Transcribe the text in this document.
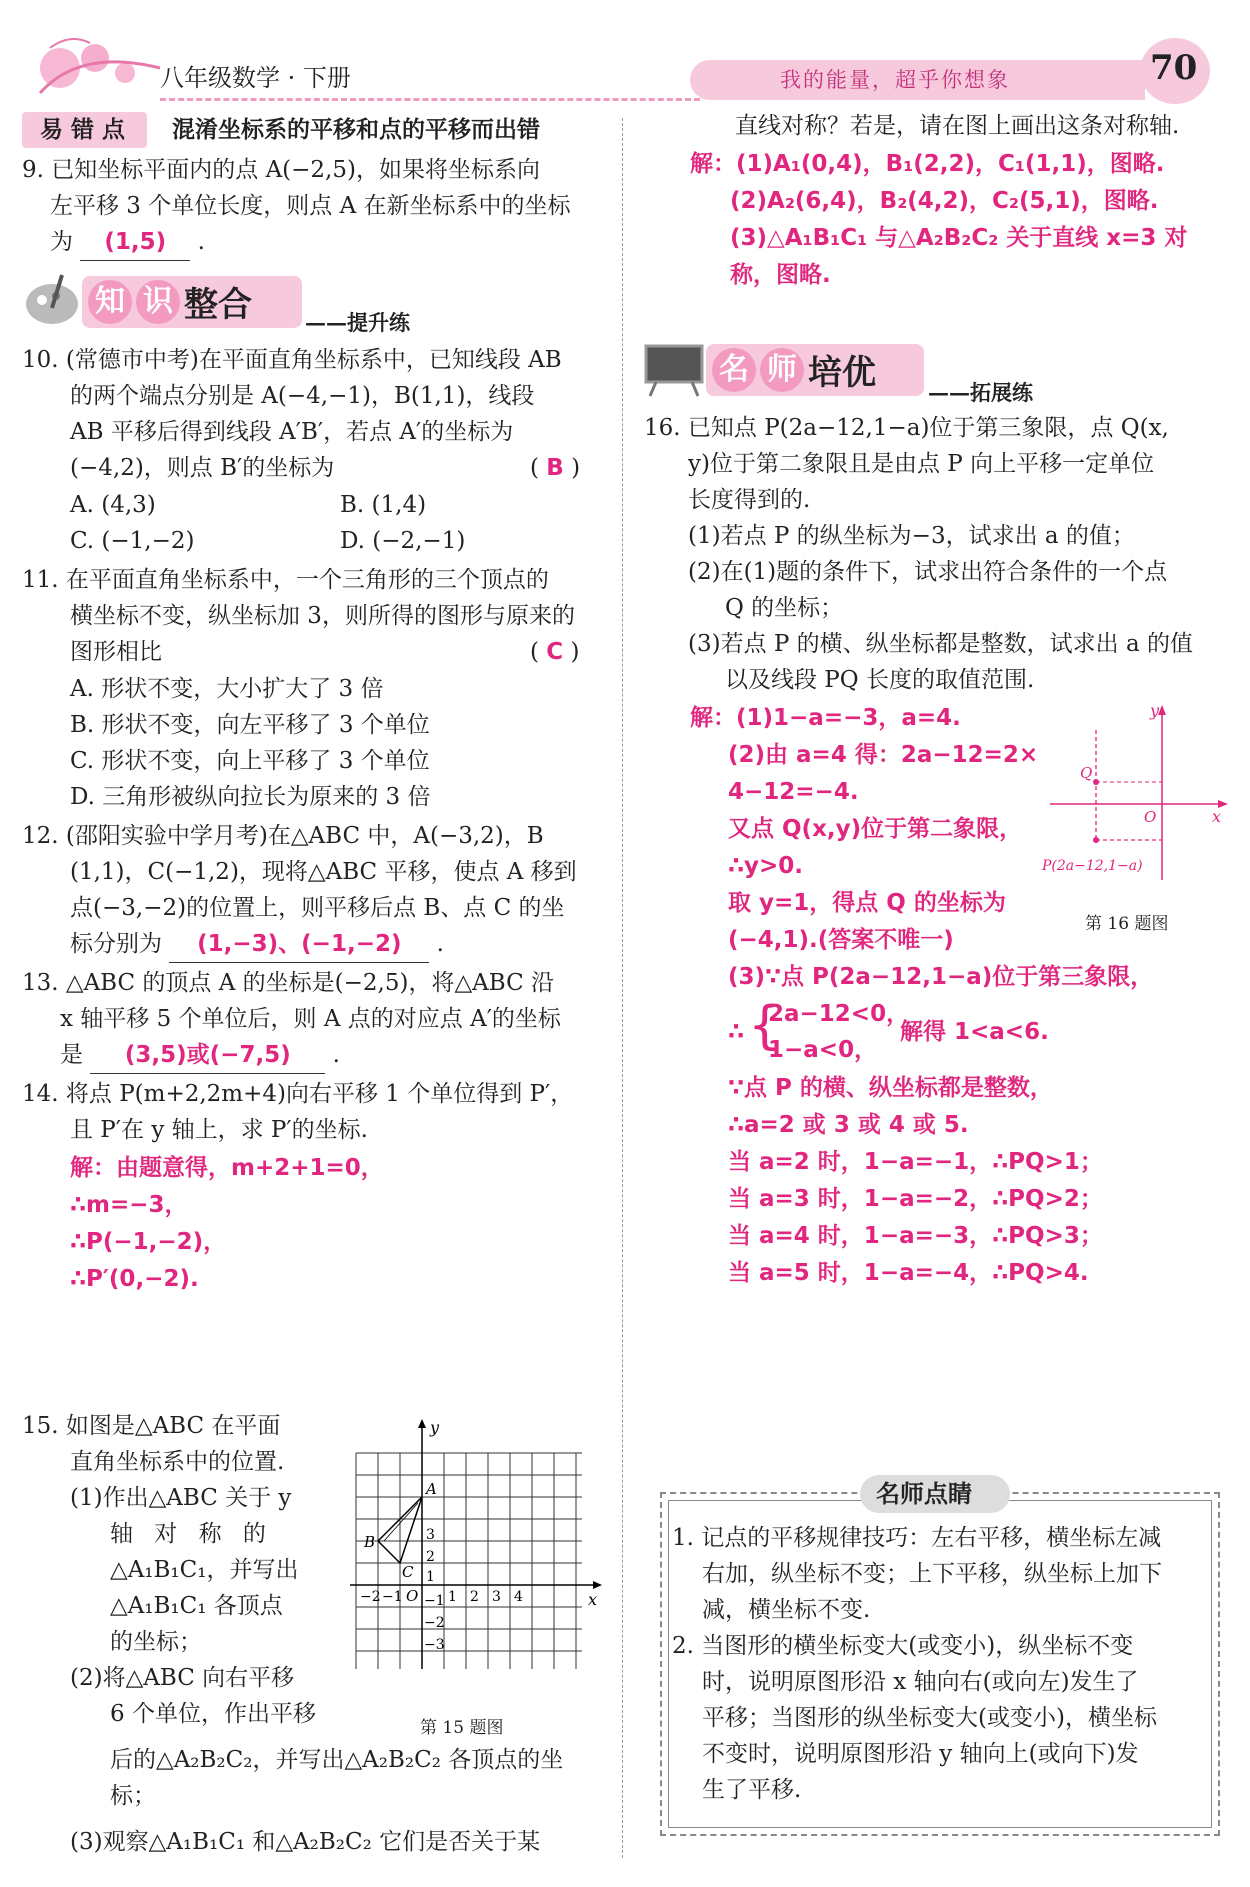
八年级数学 · 下册	我的能量，超乎你想象	70
易 错 点 混淆坐标系的平移和点的平移而出错
9. 已知坐标平面内的点 A(−2,5)，如果将坐标系向
左平移 3 个单位长度，则点 A 在新坐标系中的坐标
为 (1,5) .
知 识 整合	——提升练
10. (常德市中考)在平面直角坐标系中，已知线段 AB
的两个端点分别是 A(−4,−1)，B(1,1)，线段
AB 平移后得到线段 A′B′，若点 A′的坐标为
(−4,2)，则点 B′的坐标为	( B )
A. (4,3)	B. (1,4)
C. (−1,−2)	D. (−2,−1)
11. 在平面直角坐标系中，一个三角形的三个顶点的
横坐标不变，纵坐标加 3，则所得的图形与原来的
图形相比	( C )
A. 形状不变，大小扩大了 3 倍
B. 形状不变，向左平移了 3 个单位
C. 形状不变，向上平移了 3 个单位
D. 三角形被纵向拉长为原来的 3 倍
12. (邵阳实验中学月考)在△ABC 中，A(−3,2)，B
(1,1)，C(−1,2)，现将△ABC 平移，使点 A 移到
点(−3,−2)的位置上，则平移后点 B、点 C 的坐
标分别为 (1,−3)、(−1,−2) .
13. △ABC 的顶点 A 的坐标是(−2,5)，将△ABC 沿
x 轴平移 5 个单位后，则 A 点的对应点 A′的坐标
是 (3,5)或(−7,5) .
14. 将点 P(m+2,2m+4)向右平移 1 个单位得到 P′，
且 P′在 y 轴上，求 P′的坐标.
解：由题意得，m+2+1=0，
∴m=−3，
∴P(−1,−2)，
∴P′(0,−2).
15. 如图是△ABC 在平面
直角坐标系中的位置.
(1)作出△ABC 关于 y
轴 对 称 的
△A₁B₁C₁，并写出
△A₁B₁C₁ 各顶点
的坐标；
(2)将△ABC 向右平移
6 个单位，作出平移
后的△A₂B₂C₂，并写出△A₂B₂C₂ 各顶点的坐
标；
(3)观察△A₁B₁C₁ 和△A₂B₂C₂ 它们是否关于某
y
x
O
A
B
C
−2 −1	1 2 3 4
3
2
1
−1
−2
−3
第 15 题图
直线对称？若是，请在图上画出这条对称轴.
解：(1)A₁(0,4)，B₁(2,2)，C₁(1,1)，图略.
(2)A₂(6,4)，B₂(4,2)，C₂(5,1)，图略.
(3)△A₁B₁C₁ 与△A₂B₂C₂ 关于直线 x=3 对
称，图略.
名 师 培优 ——拓展练
16. 已知点 P(2a−12,1−a)位于第三象限，点 Q(x,
y)位于第二象限且是由点 P 向上平移一定单位
长度得到的.
(1)若点 P 的纵坐标为−3，试求出 a 的值；
(2)在(1)题的条件下，试求出符合条件的一个点
Q 的坐标；
(3)若点 P 的横、纵坐标都是整数，试求出 a 的值
以及线段 PQ 长度的取值范围.
解：(1)1−a=−3，a=4.
(2)由 a=4 得：2a−12=2×
4−12=−4.
又点 Q(x,y)位于第二象限，
∴y>0.
取 y=1，得点 Q 的坐标为
(−4,1).(答案不唯一)
(3)∵点 P(2a−12,1−a)位于第三象限，
∴ {
2a−12<0，
1−a<0，
解得 1<a<6.
∵点 P 的横、纵坐标都是整数，
∴a=2 或 3 或 4 或 5.
当 a=2 时，1−a=−1，∴PQ>1；
当 a=3 时，1−a=−2，∴PQ>2；
当 a=4 时，1−a=−3，∴PQ>3；
当 a=5 时，1−a=−4，∴PQ>4.
y
x
O
Q
P(2a−12,1−a)
第 16 题图
名师点睛
1. 记点的平移规律技巧：左右平移，横坐标左减
右加，纵坐标不变；上下平移，纵坐标上加下
减，横坐标不变.
2. 当图形的横坐标变大(或变小)，纵坐标不变
时，说明原图形沿 x 轴向右(或向左)发生了
平移；当图形的纵坐标变大(或变小)，横坐标
不变时，说明原图形沿 y 轴向上(或向下)发
生了平移.
